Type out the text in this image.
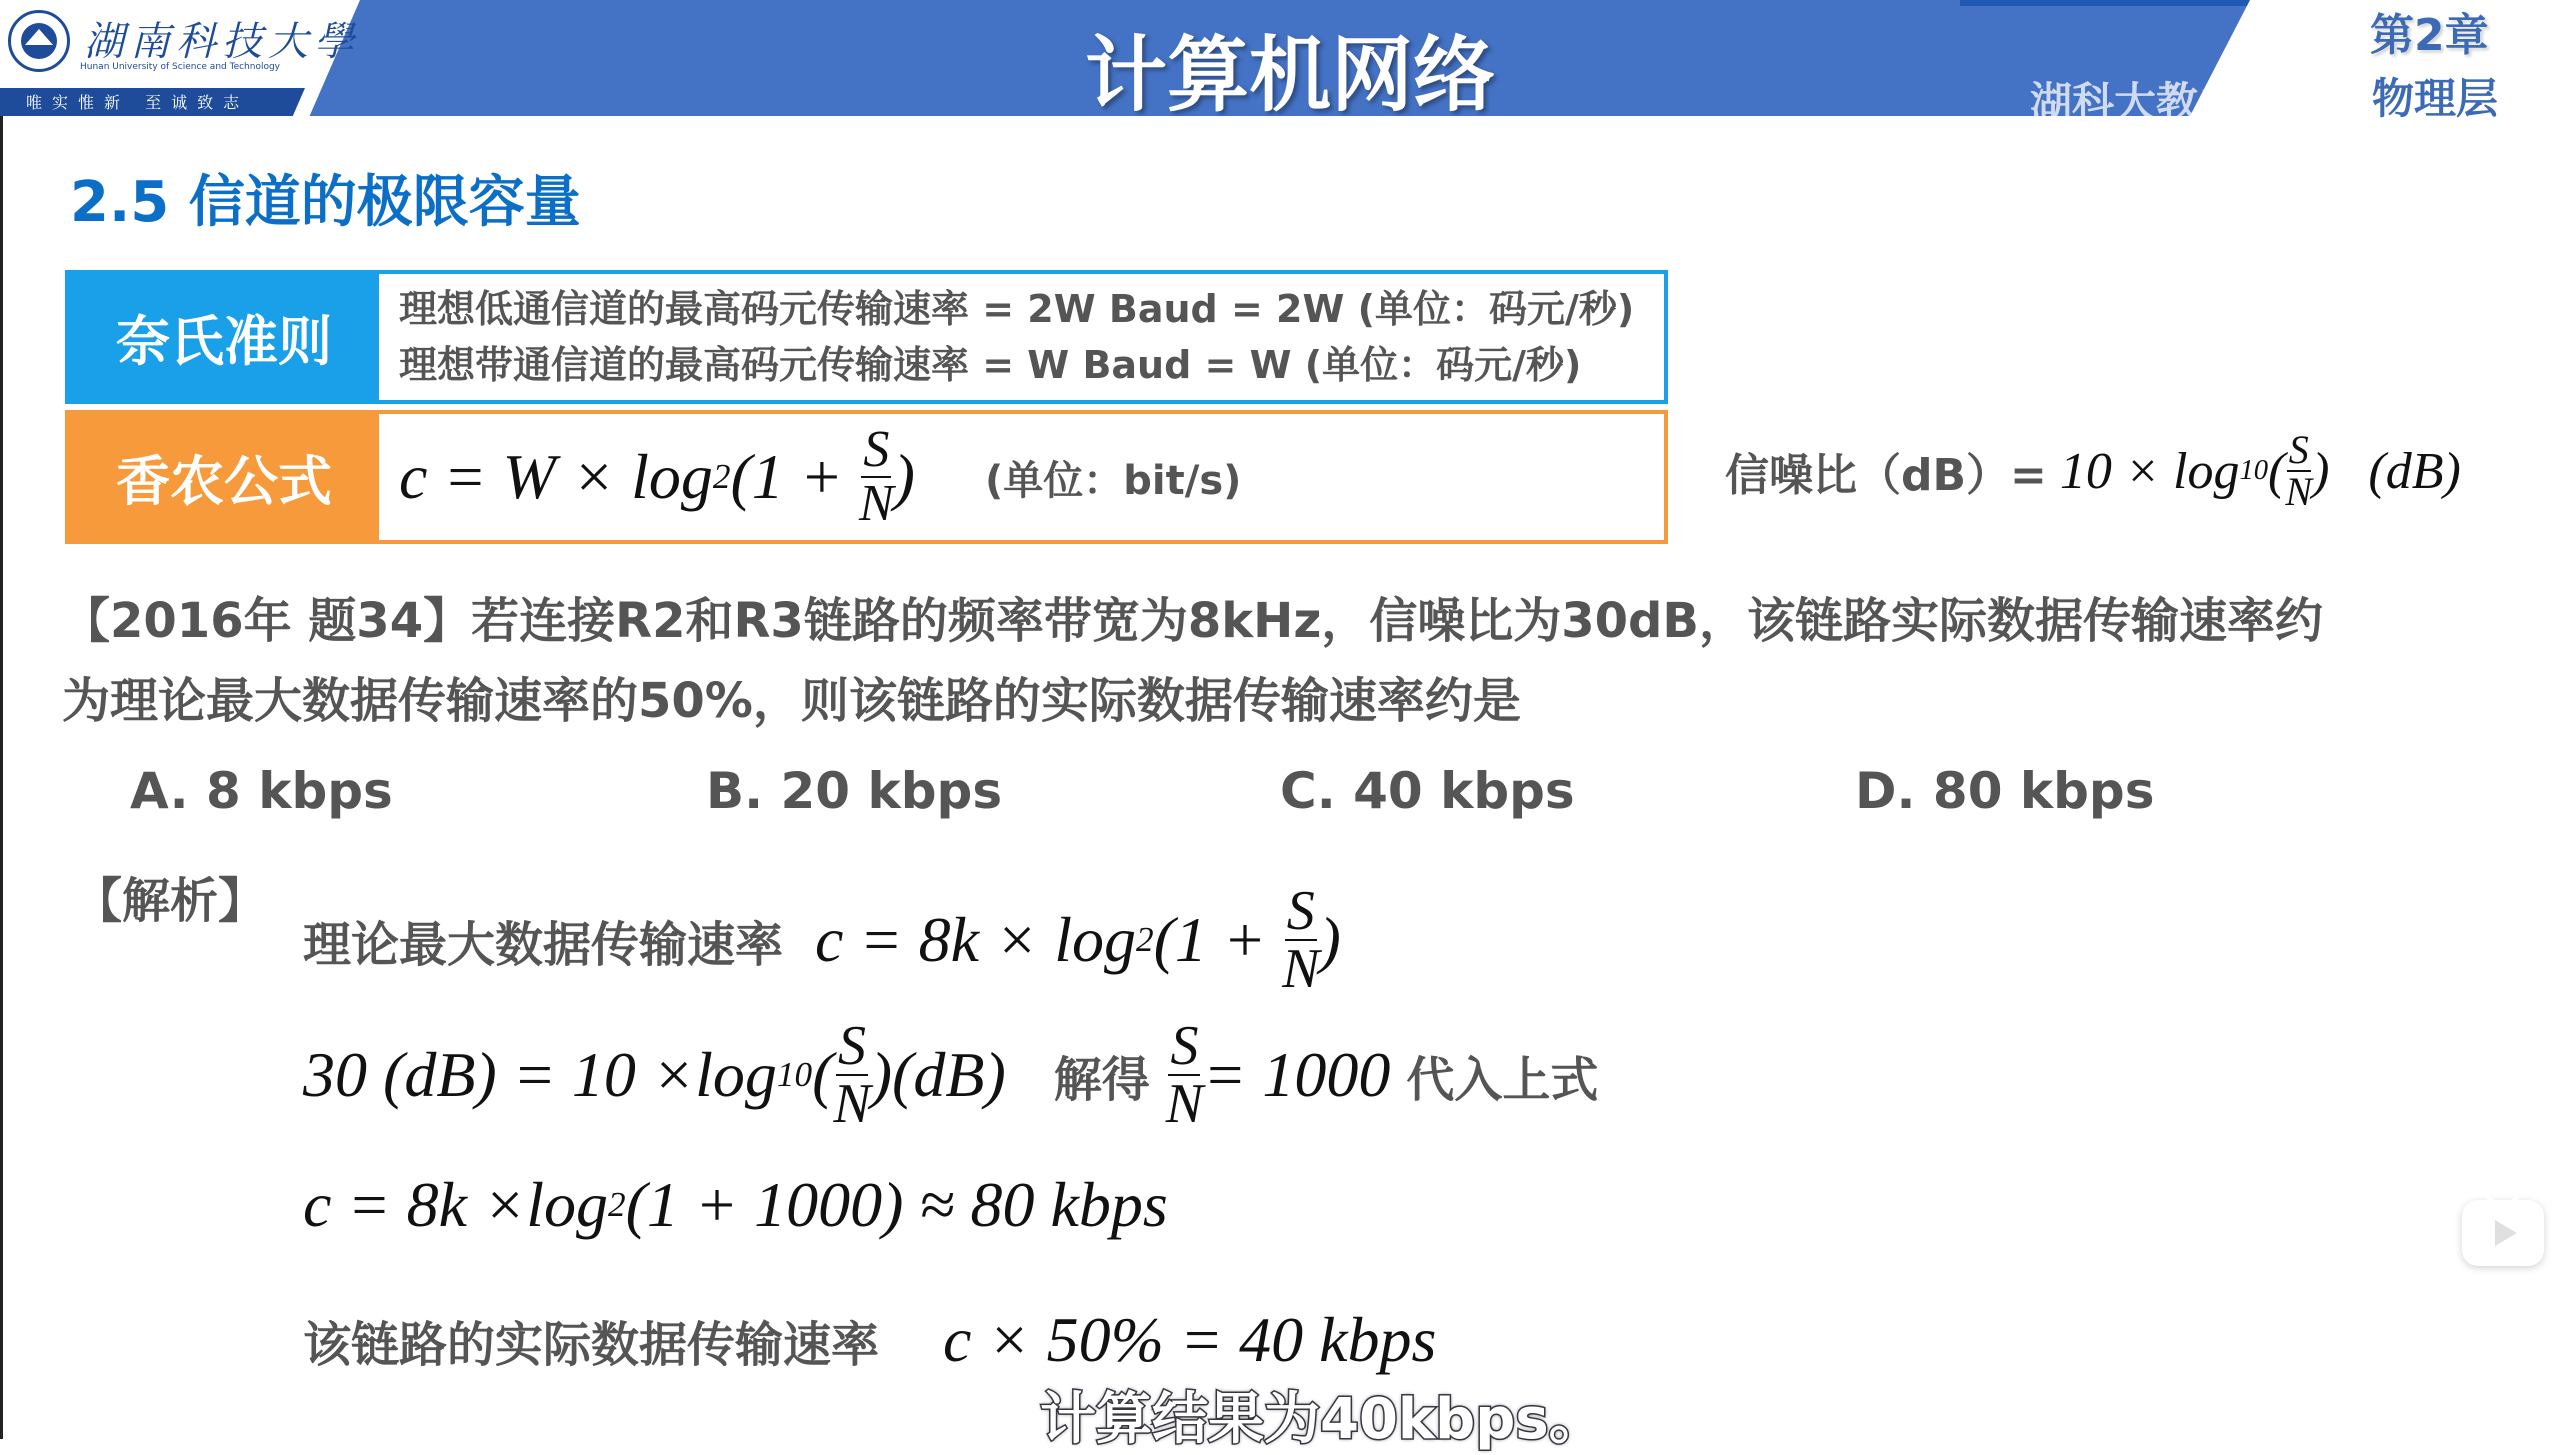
湖南科技大學
Hunan University of Science and Technology
唯实惟新 至诚致志	计算机网络	湖科大教书匠
第2章
物理层
2.5 信道的极限容量
奈氏准则
理想低通信道的最高码元传输速率 = 2W Baud = 2W (单位：码元/秒)
理想带通信道的最高码元传输速率 = W Baud = W (单位：码元/秒)
香农公式	c
=
W
×
log 2 (1 +
$\frac{S}{N}$ ) (单位：bit/s)	信噪比（dB）=
10
×
log 10 ( $\frac{S}{N}$ ) (dB)
【2016年 题34】若连接R2和R3链路的频率带宽为8kHz，信噪比为30dB，该链路实际数据传输速率约
为理论最大数据传输速率的50%，则该链路的实际数据传输速率约是
A. 8 kbps	B. 20 kbps	C. 40 kbps	D. 80 kbps
【解析】
理论最大数据传输速率
c
=
8k
×
log 2 (1 +
$\frac{S}{N}$ )
30 (dB) = 10 × log 10 ( $\frac{S}{N}$ ) (dB)
解得
$\frac{S}{N} = 1000$
代入上式
c = 8k × log 2 (1 + 1000) ≈ 80 kbps
该链路的实际数据传输速率
c × 50% = 40 kbps
计算结果为40kbps。
